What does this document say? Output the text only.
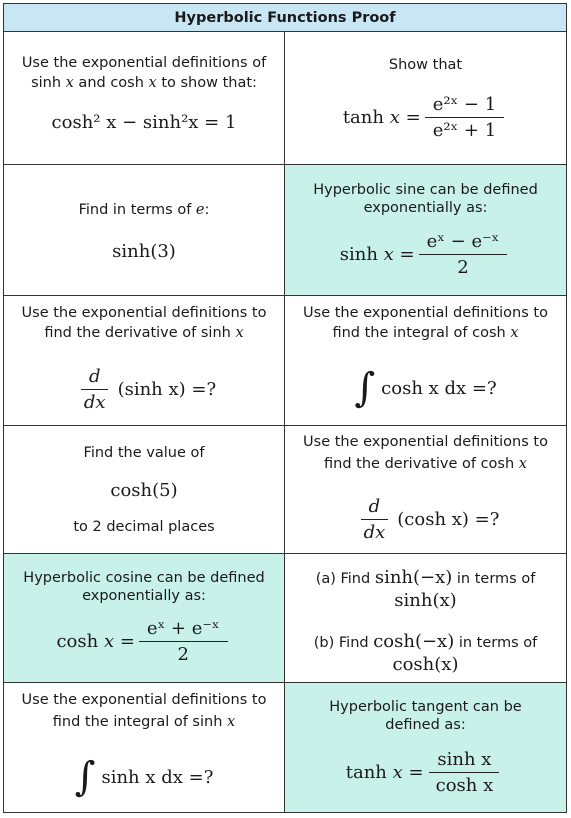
Hyperbolic Functions Proof
Use the exponential definitions of
sinh x and cosh x to show that:
cosh² x − sinh²x = 1
Show that
tanh
$x = \frac{\text{e²ˣ − 1}}{\text{e²ˣ + 1}}$
Find in terms of e:
sinh(3)
Hyperbolic sine can be defined
exponentially as:
sinh
$x = \frac{\text{eˣ − e⁻ˣ}}{2}$
Use the exponential definitions to
find the derivative of sinh x
$\frac{d}{dx} (\sinh$ x) =?
Use the exponential definitions to
find the integral of cosh x
∫ cosh x dx =?
Find the value of
cosh(5)
to 2 decimal places
Use the exponential definitions to
find the derivative of cosh x
$\frac{d}{dx} (\cosh$ x) =?
Hyperbolic cosine can be defined
exponentially as:
cosh
$x = \frac{\text{eˣ + e⁻ˣ}}{2}$
(a) Find sinh(−x) in terms of
sinh(x)
(b) Find cosh(−x) in terms of
cosh(x)
Use the exponential definitions to
find the integral of sinh x
∫ sinh x dx =?
Hyperbolic tangent can be
defined as:
tanh
$x = \frac{\text{sinh x}}{\text{cosh x}}$
